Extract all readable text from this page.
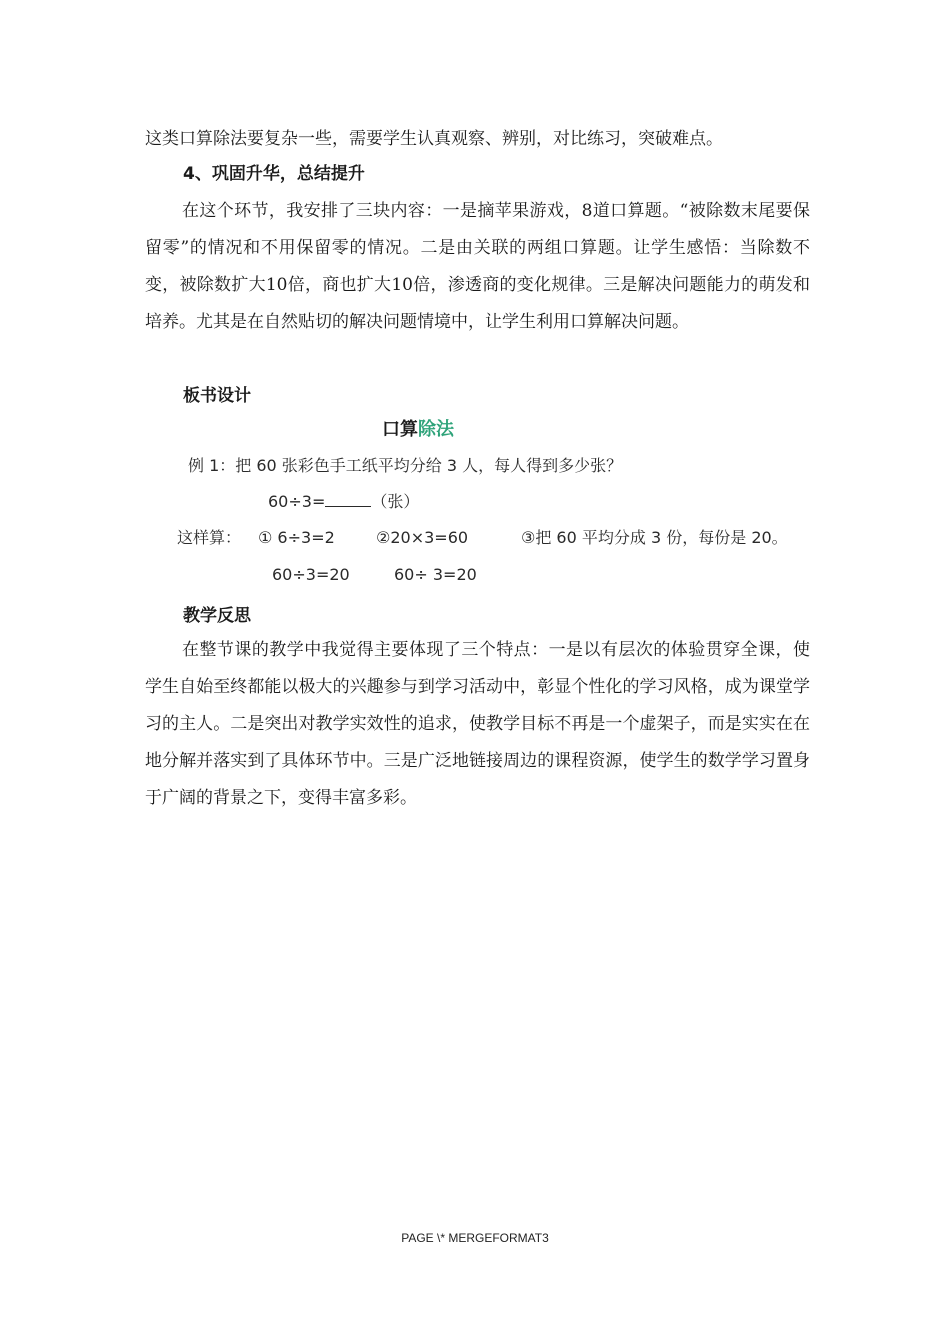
这类口算除法要复杂一些，需要学生认真观察、辨别，对比练习，突破难点。

4、巩固升华，总结提升

在这个环节，我安排了三块内容：一是摘苹果游戏，8道口算题。“被除数末尾要保留零”的情况和不用保留零的情况。二是由关联的两组口算题。让学生感悟：当除数不变，被除数扩大10倍，商也扩大10倍，渗透商的变化规律。三是解决问题能力的萌发和培养。尤其是在自然贴切的解决问题情境中，让学生利用口算解决问题。

板书设计
口算除法
例 1：把 60 张彩色手工纸平均分给 3 人，每人得到多少张？
60÷3=	（张）
这样算： ① 6÷3=2	②20×3=60	③把 60 平均分成 3 份，每份是 20。
60÷3=20	60÷ 3=20
教学反思

在整节课的教学中我觉得主要体现了三个特点：一是以有层次的体验贯穿全课，使学生自始至终都能以极大的兴趣参与到学习活动中，彰显个性化的学习风格，成为课堂学习的主人。二是突出对教学实效性的追求，使教学目标不再是一个虚架子，而是实实在在地分解并落实到了具体环节中。三是广泛地链接周边的课程资源，使学生的数学学习置身于广阔的背景之下，变得丰富多彩。

PAGE \* MERGEFORMAT3
